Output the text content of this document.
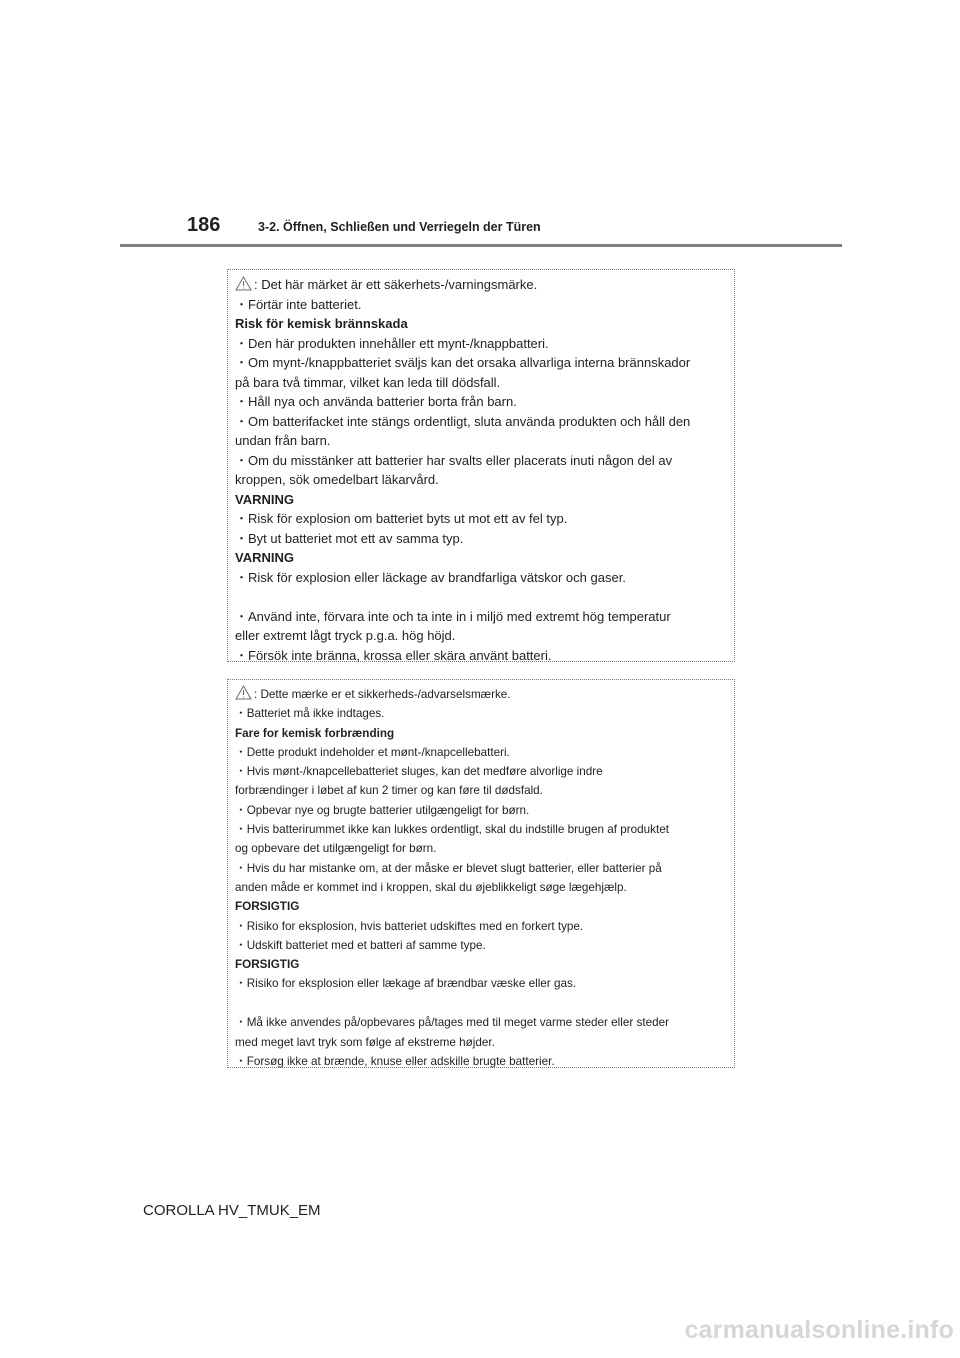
186	3-2. Öffnen, Schließen und Verriegeln der Türen
: Det här märket är ett säkerhets-/varningsmärke.
・Förtär inte batteriet.
Risk för kemisk brännskada
・Den här produkten innehåller ett mynt-/knappbatteri.
・Om mynt-/knappbatteriet sväljs kan det orsaka allvarliga interna brännskador
på bara två timmar, vilket kan leda till dödsfall.
・Håll nya och använda batterier borta från barn.
・Om batterifacket inte stängs ordentligt, sluta använda produkten och håll den
undan från barn.
・Om du misstänker att batterier har svalts eller placerats inuti någon del av
kroppen, sök omedelbart läkarvård.
VARNING
・Risk för explosion om batteriet byts ut mot ett av fel typ.
・Byt ut batteriet mot ett av samma typ.
VARNING
・Risk för explosion eller läckage av brandfarliga vätskor och gaser.
・Använd inte, förvara inte och ta inte in i miljö med extremt hög temperatur
eller extremt lågt tryck p.g.a. hög höjd.
・Försök inte bränna, krossa eller skära använt batteri.
: Dette mærke er et sikkerheds-/advarselsmærke.
・Batteriet må ikke indtages.
Fare for kemisk forbrænding
・Dette produkt indeholder et mønt-/knapcellebatteri.
・Hvis mønt-/knapcellebatteriet sluges, kan det medføre alvorlige indre
forbrændinger i løbet af kun 2 timer og kan føre til dødsfald.
・Opbevar nye og brugte batterier utilgængeligt for børn.
・Hvis batterirummet ikke kan lukkes ordentligt, skal du indstille brugen af produktet
og opbevare det utilgængeligt for børn.
・Hvis du har mistanke om, at der måske er blevet slugt batterier, eller batterier på
anden måde er kommet ind i kroppen, skal du øjeblikkeligt søge lægehjælp.
FORSIGTIG
・Risiko for eksplosion, hvis batteriet udskiftes med en forkert type.
・Udskift batteriet med et batteri af samme type.
FORSIGTIG
・Risiko for eksplosion eller lækage af brændbar væske eller gas.
・Må ikke anvendes på/opbevares på/tages med til meget varme steder eller steder
med meget lavt tryk som følge af ekstreme højder.
・Forsøg ikke at brænde, knuse eller adskille brugte batterier.
COROLLA HV_TMUK_EM
carmanualsonline.info
